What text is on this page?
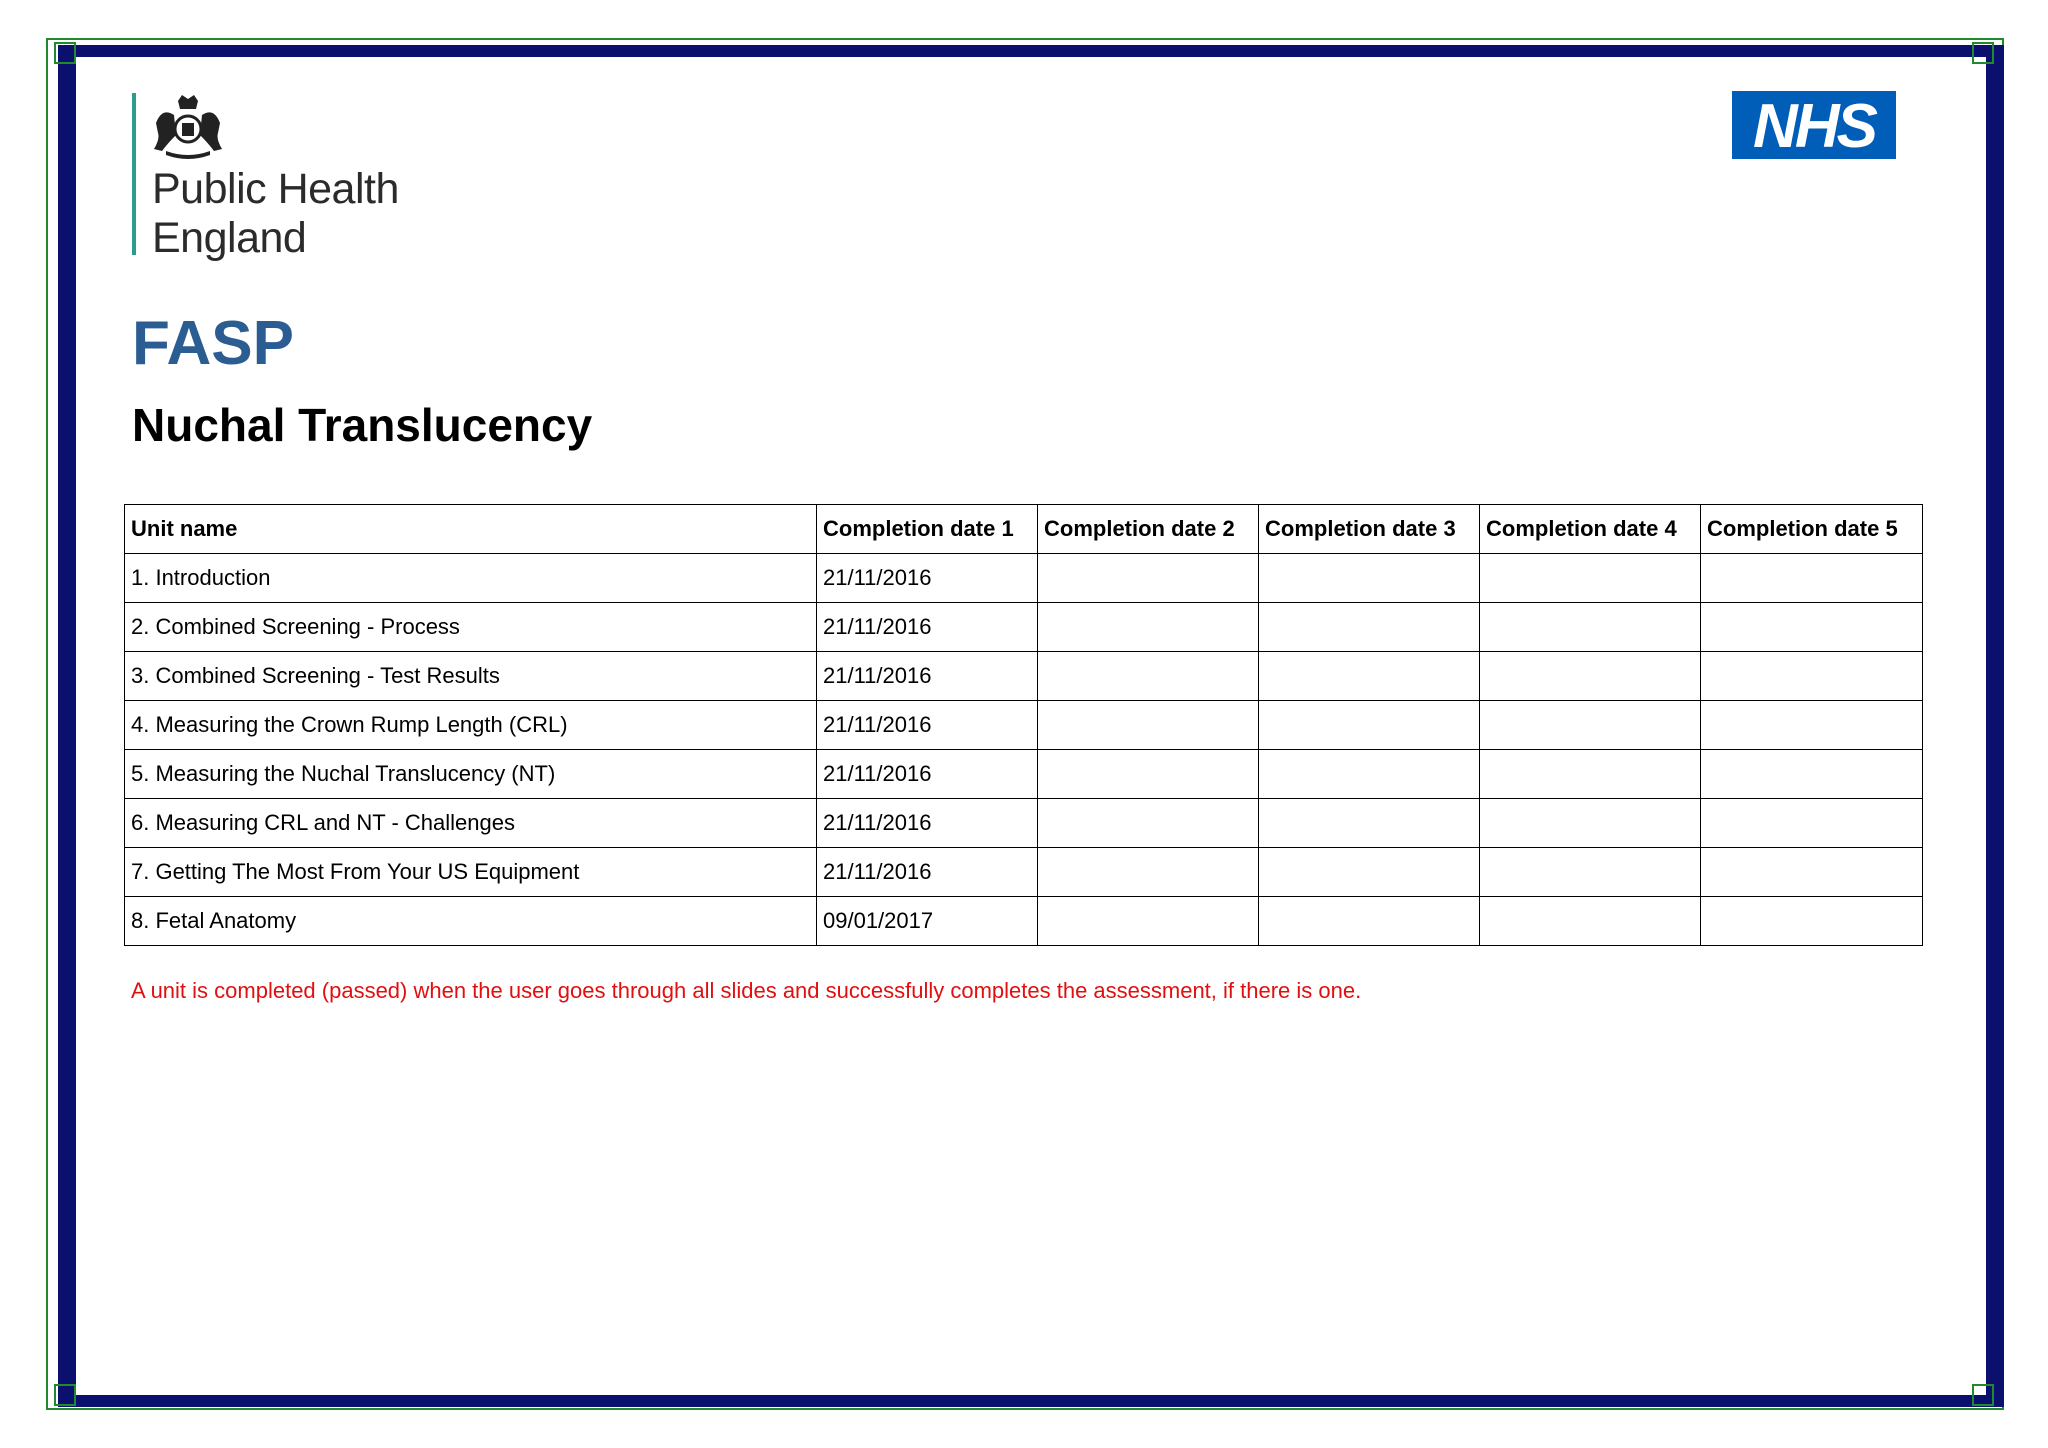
Public Health
England
NHS
FASP
Nuchal Translucency
Unit name	Completion date 1	Completion date 2	Completion date 3	Completion date 4	Completion date 5
1. Introduction	21/11/2016				
2. Combined Screening - Process	21/11/2016				
3. Combined Screening - Test Results	21/11/2016				
4. Measuring the Crown Rump Length (CRL)	21/11/2016				
5. Measuring the Nuchal Translucency (NT)	21/11/2016				
6. Measuring CRL and NT - Challenges	21/11/2016				
7. Getting The Most From Your US Equipment	21/11/2016				
8. Fetal Anatomy	09/01/2017				

A unit is completed (passed) when the user goes through all slides and successfully completes the assessment, if there is one.
